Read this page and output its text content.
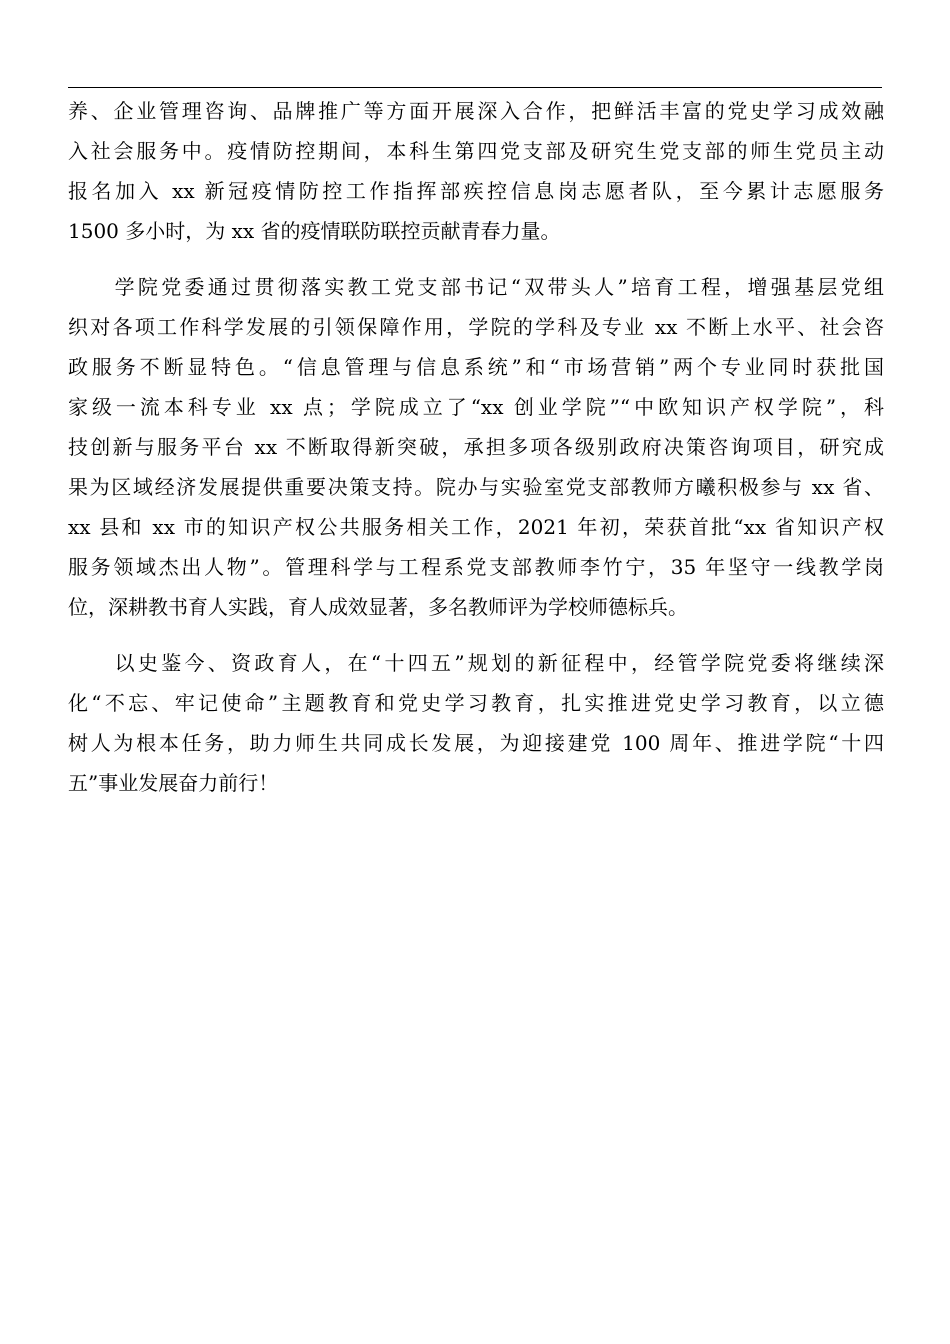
养、企业管理咨询、品牌推广等方面开展深入合作，把鲜活丰富的党史学习成效融
入社会服务中。疫情防控期间，本科生第四党支部及研究生党支部的师生党员主动
报名加入 xx 新冠疫情防控工作指挥部疾控信息岗志愿者队，至今累计志愿服务
1500 多小时，为 xx 省的疫情联防联控贡献青春力量。
　　学院党委通过贯彻落实教工党支部书记“双带头人”培育工程，增强基层党组
织对各项工作科学发展的引领保障作用，学院的学科及专业 xx 不断上水平、社会咨
政服务不断显特色。“信息管理与信息系统”和“市场营销”两个专业同时获批国
家级一流本科专业 xx 点；学院成立了“xx 创业学院”“中欧知识产权学院”，科
技创新与服务平台 xx 不断取得新突破，承担多项各级别政府决策咨询项目，研究成
果为区域经济发展提供重要决策支持。院办与实验室党支部教师方曦积极参与 xx 省、
xx 县和 xx 市的知识产权公共服务相关工作，2021 年初，荣获首批“xx 省知识产权
服务领域杰出人物”。管理科学与工程系党支部教师李竹宁，35 年坚守一线教学岗
位，深耕教书育人实践，育人成效显著，多名教师评为学校师德标兵。
　　以史鉴今、资政育人，在“十四五”规划的新征程中，经管学院党委将继续深
化“不忘、牢记使命”主题教育和党史学习教育，扎实推进党史学习教育，以立德
树人为根本任务，助力师生共同成长发展，为迎接建党 100 周年、推进学院“十四
五”事业发展奋力前行！
